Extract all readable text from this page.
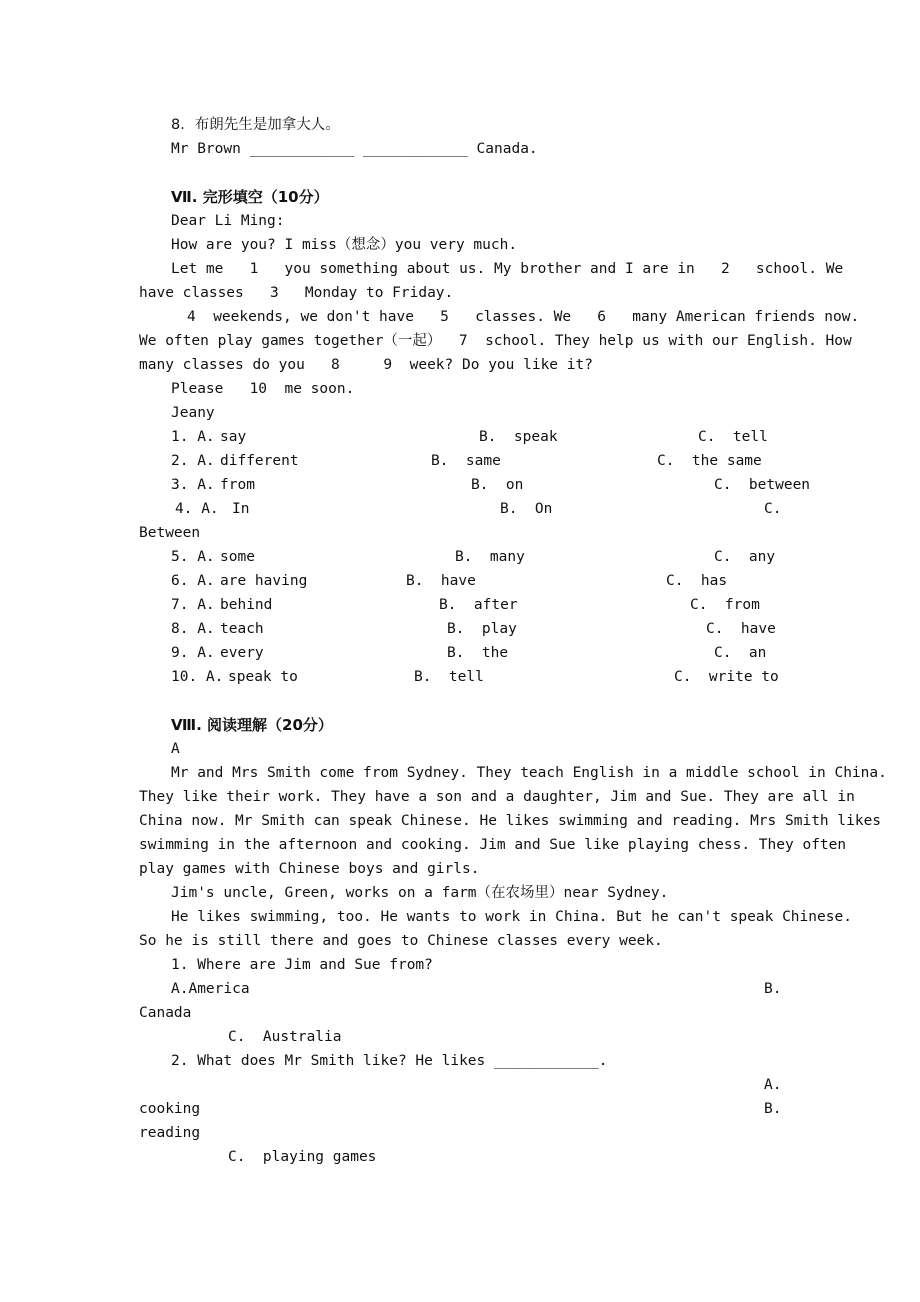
8．布朗先生是加拿大人。
Mr Brown ____________ ____________ Canada.
Ⅶ. 完形填空（10分）
Dear Li Ming:
How are you? I miss（想念）you very much.
Let me   1   you something about us. My brother and I are in   2   school. We
have classes   3   Monday to Friday.
4  weekends, we don't have   5   classes. We   6   many American friends now.
We often play games together（一起）  7  school. They help us with our English. How
many classes do you   8     9  week? Do you like it?
Please   10  me soon.
Jeany
1. A. say	B.  speak	C.  tell
2. A. different	B.  same	C.  the same
3. A. from	B.  on	C.  between
4. A. In	B.  On	C.
Between
5. A. some	B.  many	C.  any
6. A. are having	B.  have	C.  has
7. A. behind	B.  after	C.  from
8. A. teach	B.  play	C.  have
9. A. every	B.  the	C.  an
10. A. speak to	B.  tell	C.  write to
Ⅷ. 阅读理解（20分）
A
Mr and Mrs Smith come from Sydney. They teach English in a middle school in China.
They like their work. They have a son and a daughter, Jim and Sue. They are all in
China now. Mr Smith can speak Chinese. He likes swimming and reading. Mrs Smith likes
swimming in the afternoon and cooking. Jim and Sue like playing chess. They often
play games with Chinese boys and girls.
Jim's uncle, Green, works on a farm（在农场里）near Sydney.
He likes swimming, too. He wants to work in China. But he can't speak Chinese.
So he is still there and goes to Chinese classes every week.
1. Where are Jim and Sue from?
A.America	B.
Canada
C.  Australia
2. What does Mr Smith like? He likes ____________.
A.
cooking	B.
reading
C.  playing games
